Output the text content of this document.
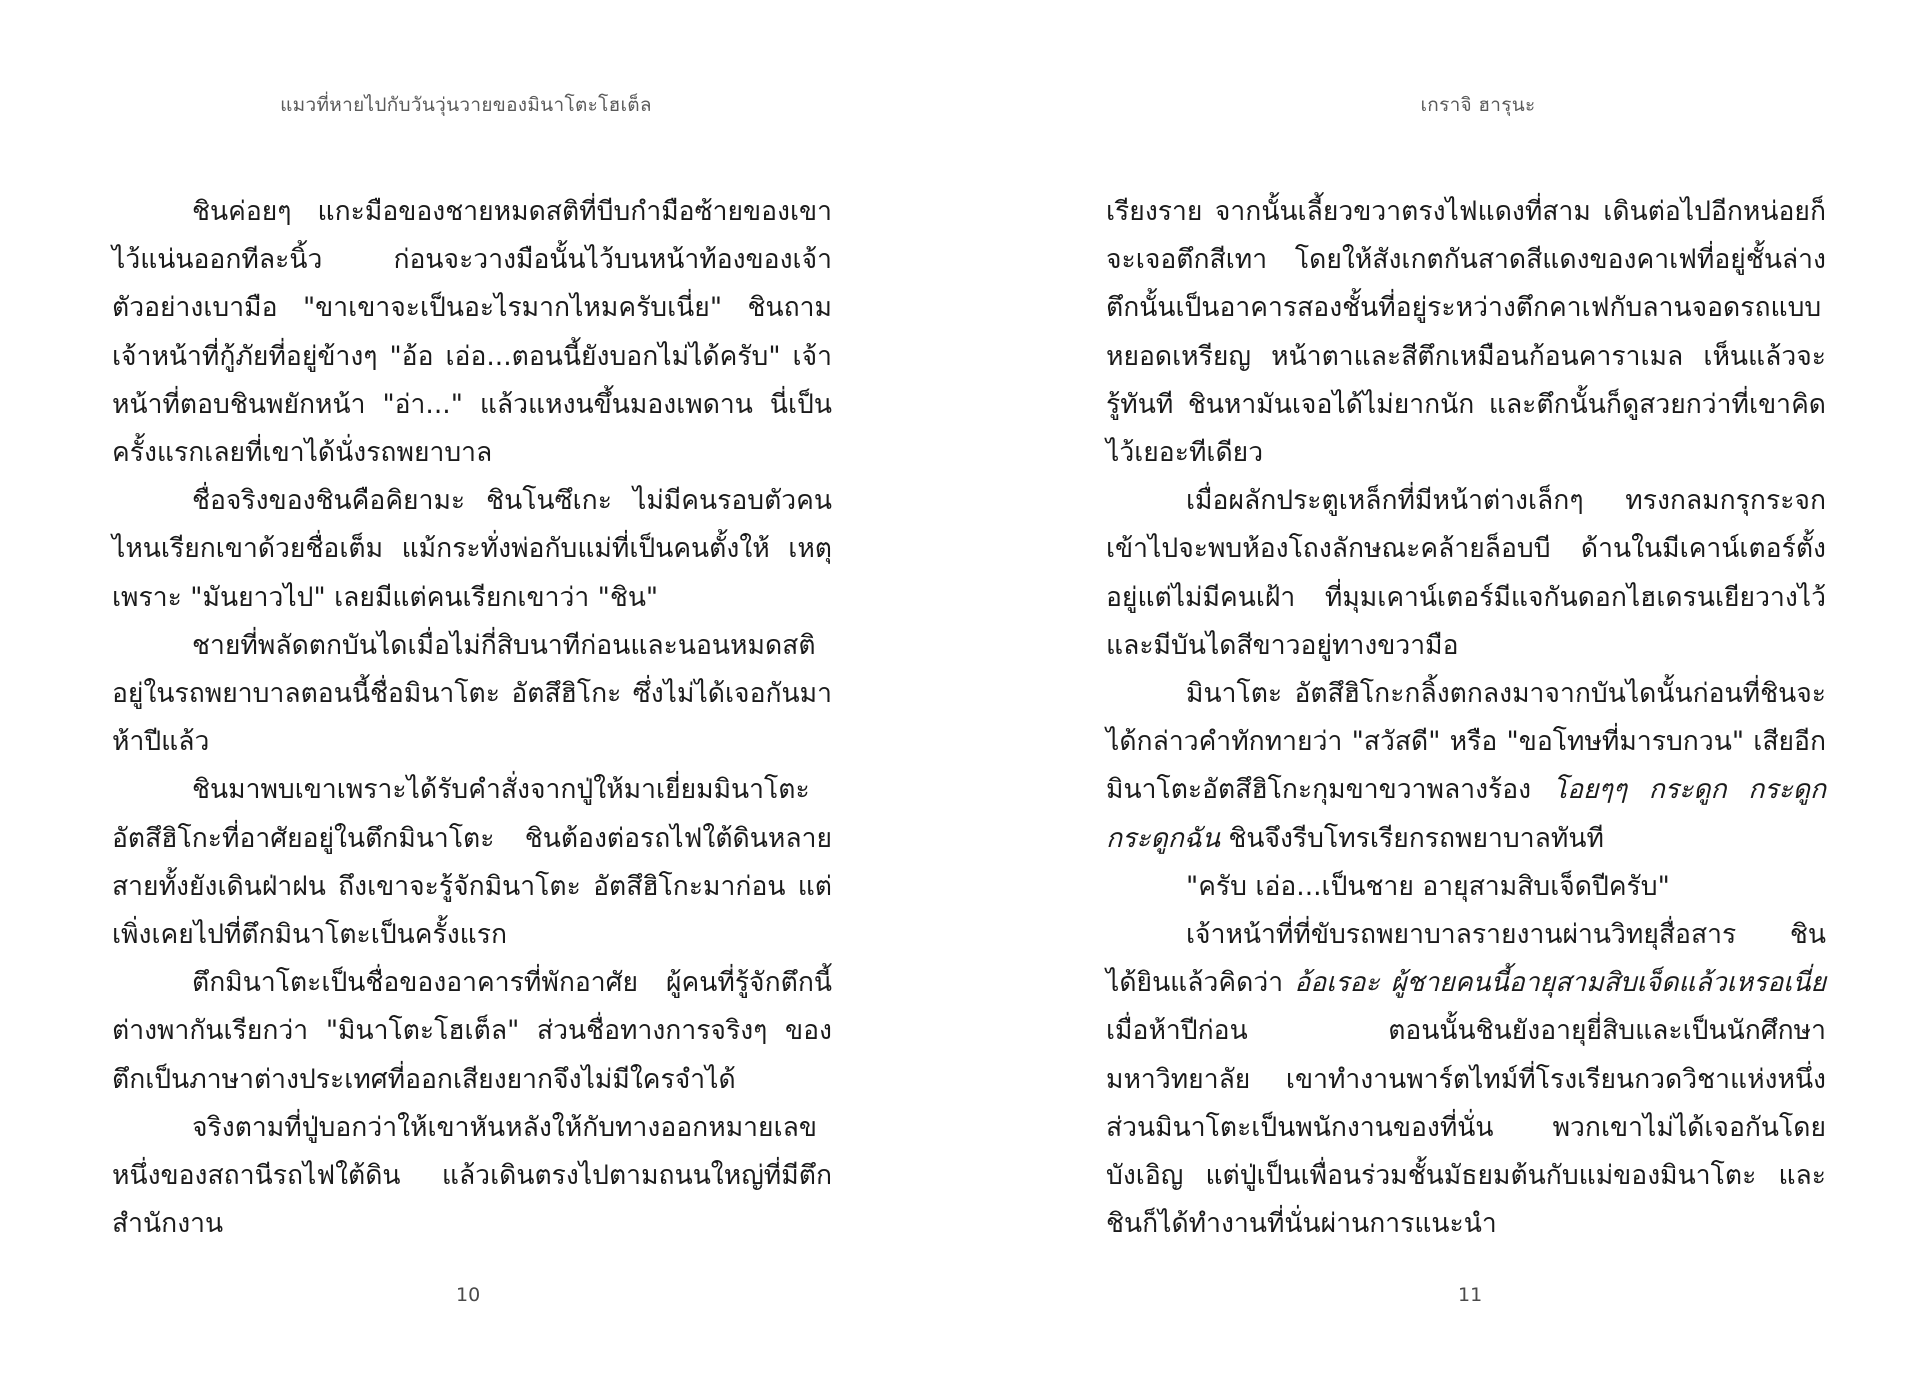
แมวที่หายไปกับวันวุ่นวายของมินาโตะโฮเต็ล

ชินค่อยๆ แกะมือของชายหมดสติที่บีบกำมือซ้ายของเขาไว้แน่นออกทีละนิ้ว ก่อนจะวางมือนั้นไว้บนหน้าท้องของเจ้าตัวอย่างเบามือ "ขาเขาจะเป็นอะไรมากไหมครับเนี่ย" ชินถามเจ้าหน้าที่กู้ภัยที่อยู่ข้างๆ "อ้อ เอ่อ...ตอนนี้ยังบอกไม่ได้ครับ" เจ้าหน้าที่ตอบชินพยักหน้า "อ่า..." แล้วแหงนขึ้นมองเพดาน นี่เป็นครั้งแรกเลยที่เขาได้นั่งรถพยาบาล

ชื่อจริงของชินคือคิยามะ ชินโนซึเกะ ไม่มีคนรอบตัวคนไหนเรียกเขาด้วยชื่อเต็ม แม้กระทั่งพ่อกับแม่ที่เป็นคนตั้งให้ เหตุเพราะ "มันยาวไป" เลยมีแต่คนเรียกเขาว่า "ชิน"

ชายที่พลัดตกบันไดเมื่อไม่กี่สิบนาทีก่อนและนอนหมดสติอยู่ในรถพยาบาลตอนนี้ชื่อมินาโตะ อัตสึฮิโกะ ซึ่งไม่ได้เจอกันมาห้าปีแล้ว

ชินมาพบเขาเพราะได้รับคำสั่งจากปู่ให้มาเยี่ยมมินาโตะอัตสึฮิโกะที่อาศัยอยู่ในตึกมินาโตะ ชินต้องต่อรถไฟใต้ดินหลายสายทั้งยังเดินฝ่าฝน ถึงเขาจะรู้จักมินาโตะ อัตสึฮิโกะมาก่อน แต่เพิ่งเคยไปที่ตึกมินาโตะเป็นครั้งแรก

ตึกมินาโตะเป็นชื่อของอาคารที่พักอาศัย ผู้คนที่รู้จักตึกนี้ต่างพากันเรียกว่า "มินาโตะโฮเต็ล" ส่วนชื่อทางการจริงๆ ของตึกเป็นภาษาต่างประเทศที่ออกเสียงยากจึงไม่มีใครจำได้

จริงตามที่ปู่บอกว่าให้เขาหันหลังให้กับทางออกหมายเลขหนึ่งของสถานีรถไฟใต้ดิน แล้วเดินตรงไปตามถนนใหญ่ที่มีตึกสำนักงาน

10
เกราจิ ฮารุนะ

เรียงราย จากนั้นเลี้ยวขวาตรงไฟแดงที่สาม เดินต่อไปอีกหน่อยก็จะเจอตึกสีเทา โดยให้สังเกตกันสาดสีแดงของคาเฟที่อยู่ชั้นล่างตึกนั้นเป็นอาคารสองชั้นที่อยู่ระหว่างตึกคาเฟกับลานจอดรถแบบหยอดเหรียญ หน้าตาและสีตึกเหมือนก้อนคาราเมล เห็นแล้วจะรู้ทันที ชินหามันเจอได้ไม่ยากนัก และตึกนั้นก็ดูสวยกว่าที่เขาคิดไว้เยอะทีเดียว

เมื่อผลักประตูเหล็กที่มีหน้าต่างเล็กๆ ทรงกลมกรุกระจกเข้าไปจะพบห้องโถงลักษณะคล้ายล็อบบี ด้านในมีเคาน์เตอร์ตั้งอยู่แต่ไม่มีคนเฝ้า ที่มุมเคาน์เตอร์มีแจกันดอกไฮเดรนเยียวางไว้ และมีบันไดสีขาวอยู่ทางขวามือ

มินาโตะ อัตสึฮิโกะกลิ้งตกลงมาจากบันไดนั้นก่อนที่ชินจะได้กล่าวคำทักทายว่า "สวัสดี" หรือ "ขอโทษที่มารบกวน" เสียอีก มินาโตะอัตสึฮิโกะกุมขาขวาพลางร้อง โอยๆๆ กระดูก กระดูก กระดูกฉัน ชินจึงรีบโทรเรียกรถพยาบาลทันที

"ครับ เอ่อ...เป็นชาย อายุสามสิบเจ็ดปีครับ"

เจ้าหน้าที่ที่ขับรถพยาบาลรายงานผ่านวิทยุสื่อสาร ชินได้ยินแล้วคิดว่า อ้อเรอะ ผู้ชายคนนี้อายุสามสิบเจ็ดแล้วเหรอเนี่ย เมื่อห้าปีก่อน ตอนนั้นชินยังอายุยี่สิบและเป็นนักศึกษามหาวิทยาลัย เขาทำงานพาร์ตไทม์ที่โรงเรียนกวดวิชาแห่งหนึ่ง ส่วนมินาโตะเป็นพนักงานของที่นั่น พวกเขาไม่ได้เจอกันโดยบังเอิญ แต่ปู่เป็นเพื่อนร่วมชั้นมัธยมต้นกับแม่ของมินาโตะ และชินก็ได้ทำงานที่นั่นผ่านการแนะนำ

11
